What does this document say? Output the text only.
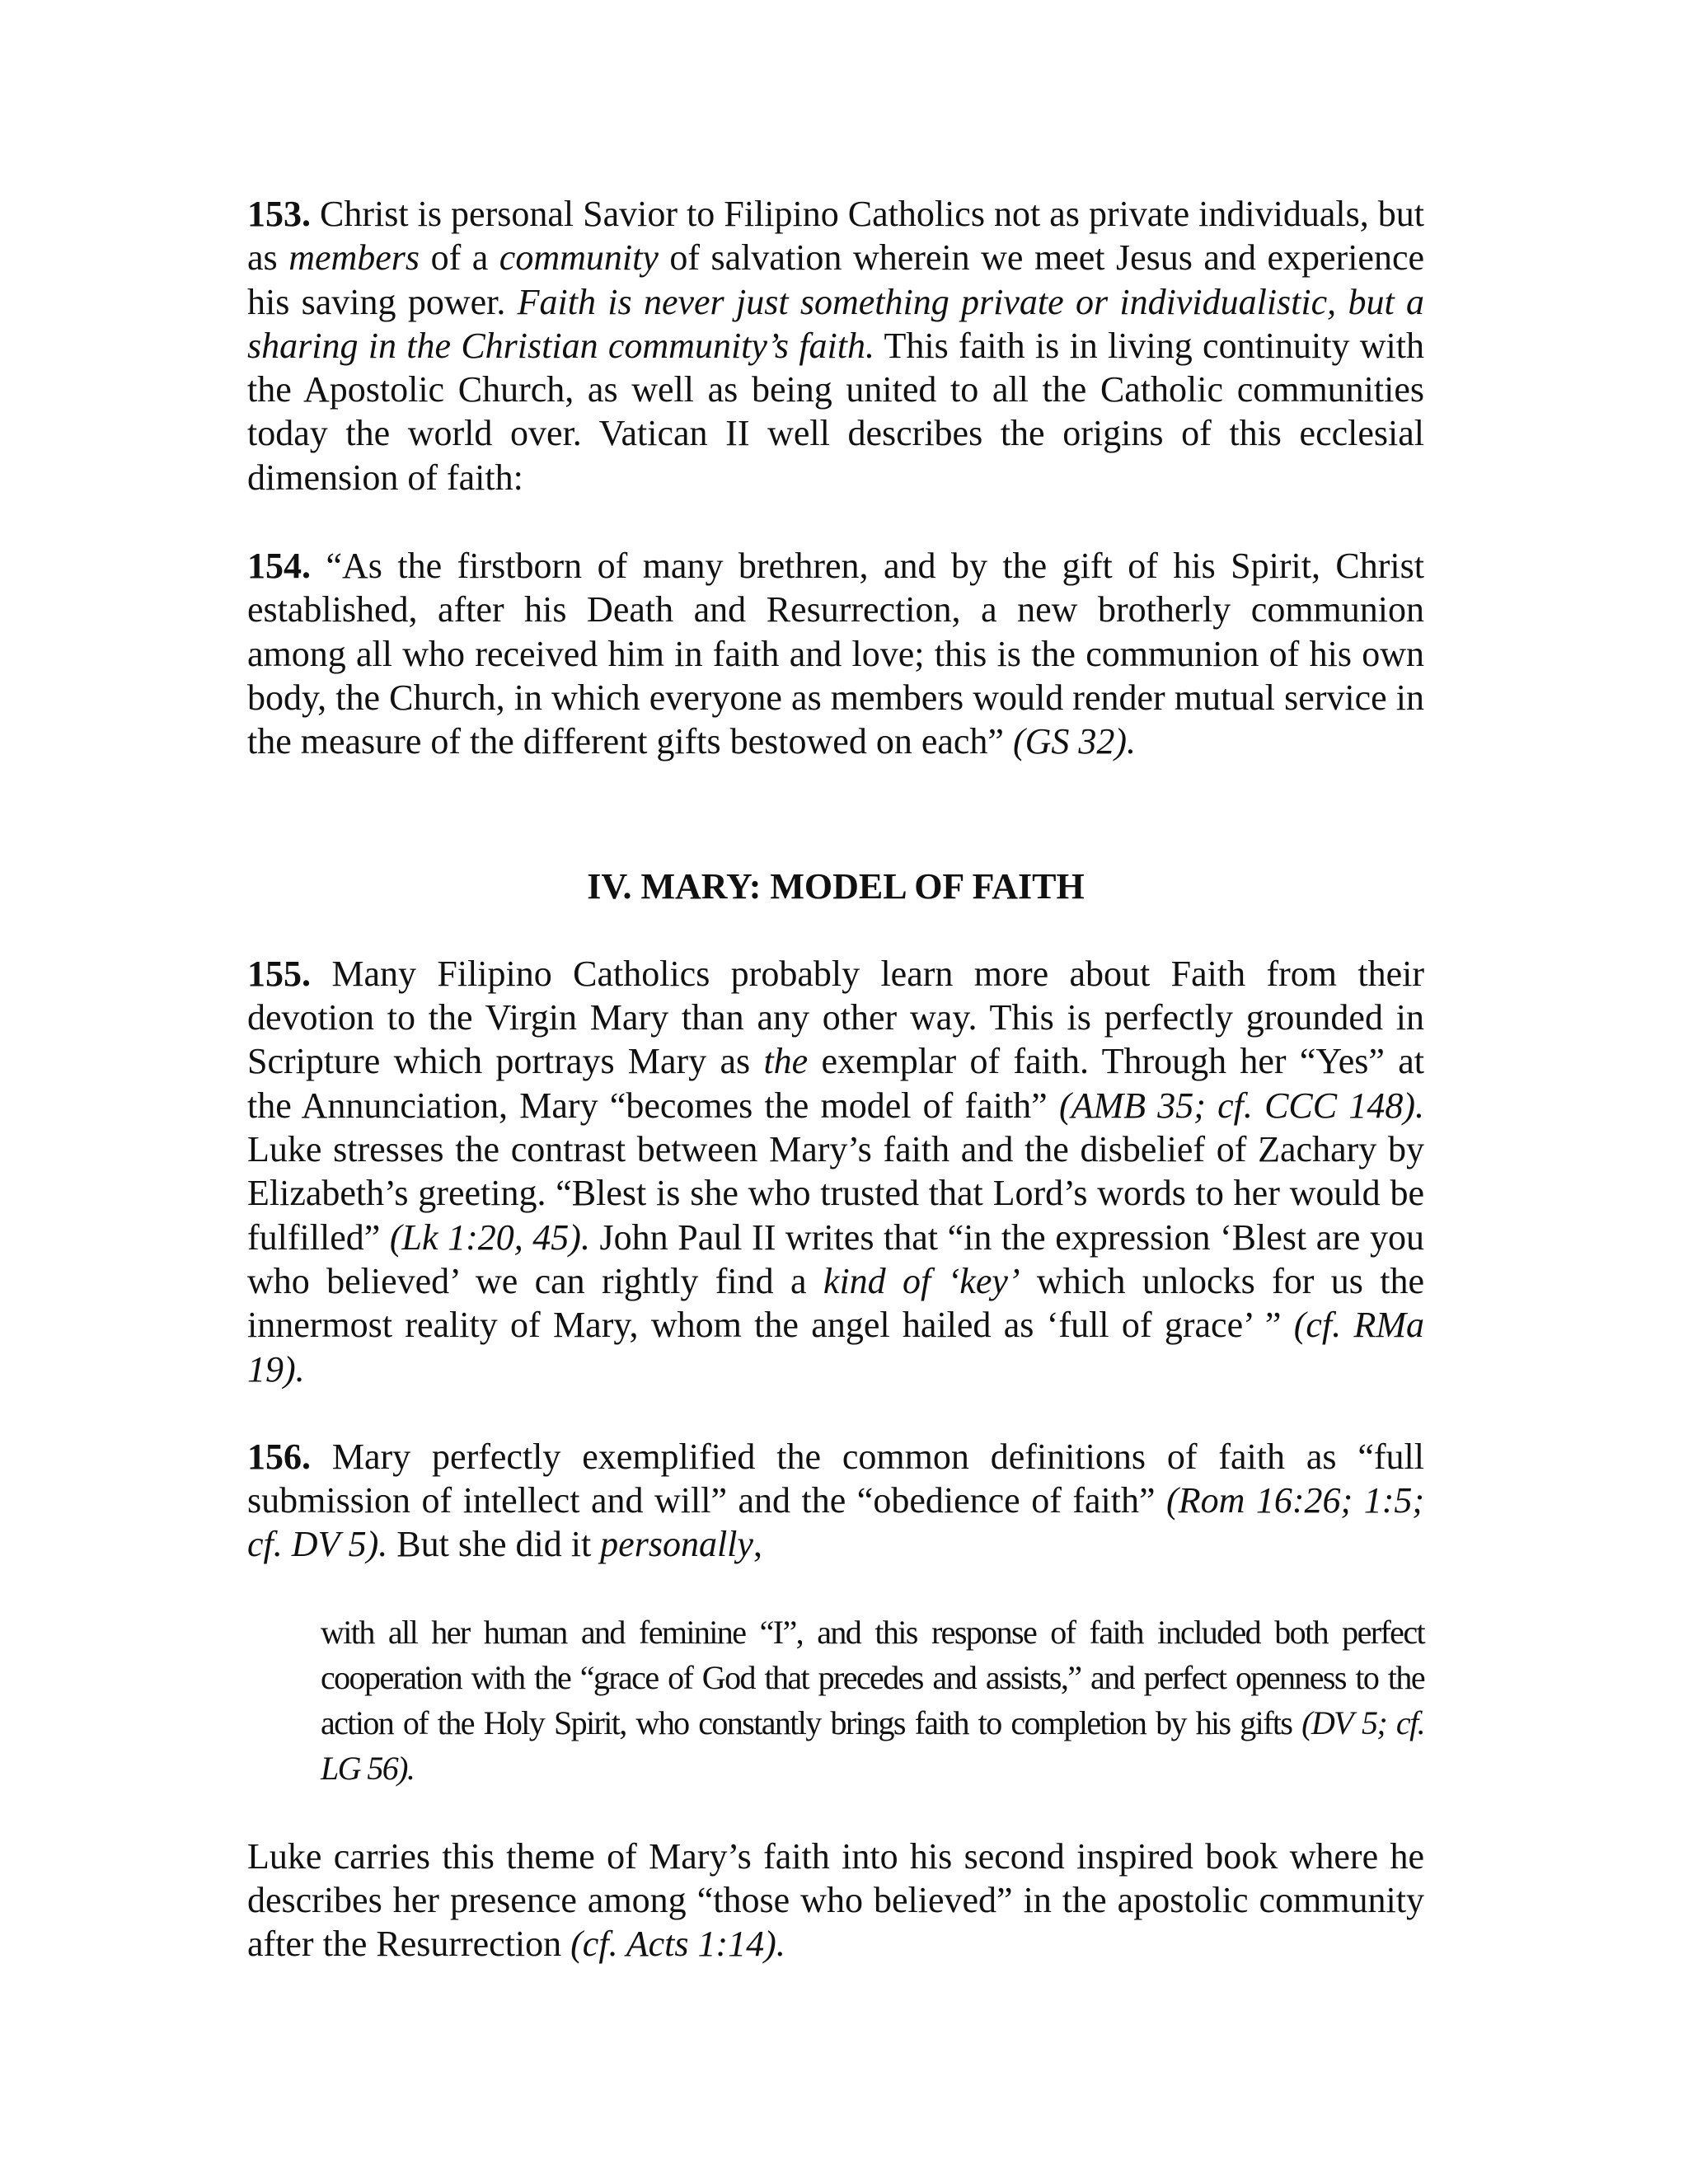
153. Christ is personal Savior to Filipino Catholics not as private individuals, but as members of a community of salvation wherein we meet Jesus and experience his saving power. Faith is never just something private or individualistic, but a sharing in the Christian community’s faith. This faith is in living continuity with the Apostolic Church, as well as being united to all the Catholic communities today the world over. Vatican II well describes the origins of this ecclesial dimension of faith:

154. “As the firstborn of many brethren, and by the gift of his Spirit, Christ established, after his Death and Resurrection, a new brotherly communion among all who received him in faith and love; this is the communion of his own body, the Church, in which everyone as members would render mutual service in the measure of the different gifts bestowed on each” (GS 32).

IV. MARY: MODEL OF FAITH

155. Many Filipino Catholics probably learn more about Faith from their devotion to the Virgin Mary than any other way. This is perfectly grounded in Scripture which portrays Mary as the exemplar of faith. Through her “Yes” at the Annunciation, Mary “becomes the model of faith” (AMB 35; cf. CCC 148). Luke stresses the contrast between Mary’s faith and the disbelief of Zachary by Elizabeth’s greeting. “Blest is she who trusted that Lord’s words to her would be fulfilled” (Lk 1:20, 45). John Paul II writes that “in the expression ‘Blest are you who believed’ we can rightly find a kind of ‘key’ which unlocks for us the innermost reality of Mary, whom the angel hailed as ‘full of grace’ ” (cf. RMa 19).

156. Mary perfectly exemplified the common definitions of faith as “full submission of intellect and will” and the “obedience of faith” (Rom 16:26; 1:5; cf. DV 5). But she did it personally,

with all her human and feminine “I”, and this response of faith included both perfect cooperation with the “grace of God that precedes and assists,” and perfect openness to the action of the Holy Spirit, who constantly brings faith to completion by his gifts (DV 5; cf. LG 56).

Luke carries this theme of Mary’s faith into his second inspired book where he describes her presence among “those who believed” in the apostolic community after the Resurrection (cf. Acts 1:14).
